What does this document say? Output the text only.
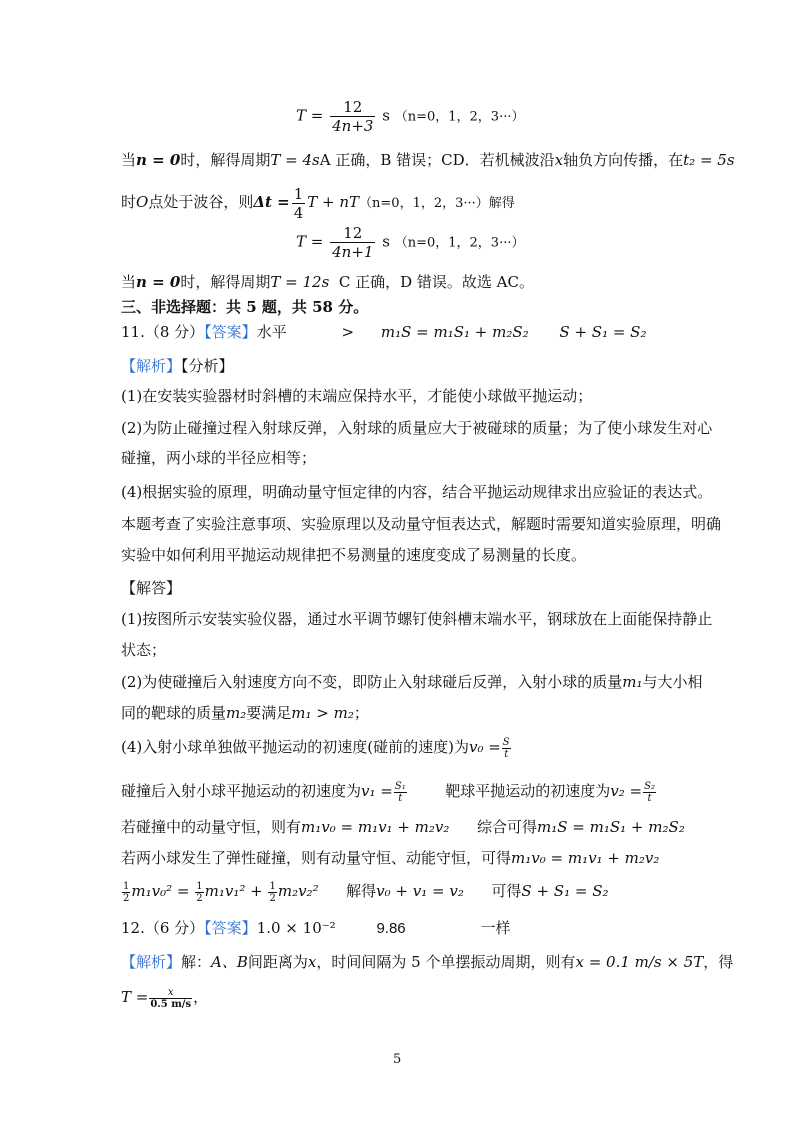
$T = \frac{12}{4n+3}$ s （n=0，1，2，3···）
当n = 0时，解得周期T = 4sA 正确，B 错误；CD．若机械波沿x轴负方向传播，在t₂ = 5s
时O点处于波谷，则$\Delta t = \frac{1}{4}$ T + nT（n=0，1，2，3···）解得
$T = \frac{12}{4n+1}$ s （n=0，1，2，3···）
当n = 0时，解得周期T = 12s C 正确，D 错误。故选 AC。
三、非选择题：共 5 题，共 58 分。
11.（8 分）【答案】水平	> m₁S = m₁S₁ + m₂S₂ S + S₁ = S₂
【解析】【分析】
(1)在安装实验器材时斜槽的末端应保持水平，才能使小球做平抛运动；
(2)为防止碰撞过程入射球反弹，入射球的质量应大于被碰球的质量；为了使小球发生对心
碰撞，两小球的半径应相等；
(4)根据实验的原理，明确动量守恒定律的内容，结合平抛运动规律求出应验证的表达式。
本题考查了实验注意事项、实验原理以及动量守恒表达式，解题时需要知道实验原理，明确
实验中如何利用平抛运动规律把不易测量的速度变成了易测量的长度。
【解答】
(1)按图所示安装实验仪器，通过水平调节螺钉使斜槽末端水平，钢球放在上面能保持静止
状态；
(2)为使碰撞后入射速度方向不变，即防止入射球碰后反弹，入射小球的质量m₁与大小相
同的靶球的质量m₂要满足m₁ > m₂；
(4)入射小球单独做平抛运动的初速度(碰前的速度)为$v_0 = \frac{S}{t}$
碰撞后入射小球平抛运动的初速度为$v_1 = \frac{\text{S₁}}{t}$	靶球平抛运动的初速度为$v_2 = \frac{\text{S₂}}{t}$
若碰撞中的动量守恒，则有m₁v₀ = m₁v₁ + m₂v₂ 综合可得m₁S = m₁S₁ + m₂S₂
若两小球发生了弹性碰撞，则有动量守恒、动能守恒，可得m₁v₀ = m₁v₁ + m₂v₂
$\frac{1}{2} m_1v_0^2 = \frac{1}{2} m_1v_1^2 + \frac{1}{2} m_2v_2^2$ 解得v₀ + v₁ = v₂ 可得S + S₁ = S₂
12.（6 分）【答案】1.0 × 10⁻²	9.86	一样
【解析】解：A、B间距离为x，时间间隔为 5 个单摆振动周期，则有x = 0.1 m/s × 5T，得
$T = \frac{x}{0.5 m/s}$ ，
5
